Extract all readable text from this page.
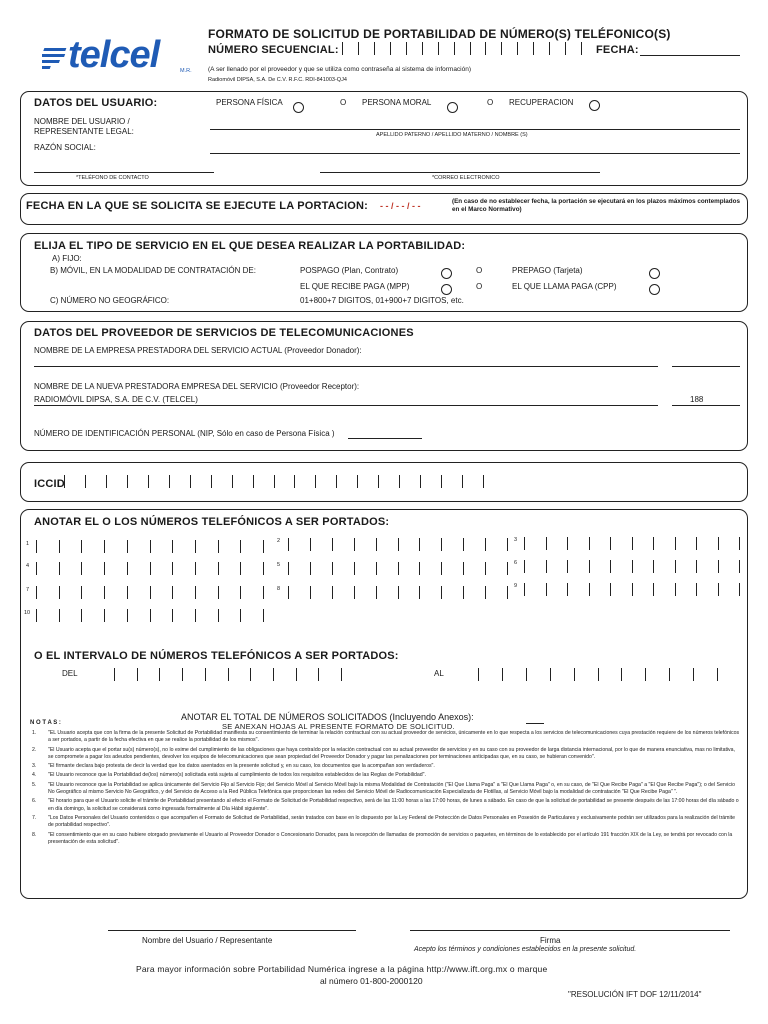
telcel	M.R.
FORMATO DE SOLICITUD DE PORTABILIDAD DE NÚMERO(S) TELÉFONICO(S)
NÚMERO SECUENCIAL:	FECHA:
(A ser llenado por el proveedor y que se utiliza como contraseña al sistema de información)
Radiomóvil DIPSA, S.A. De C.V. R.F.C. RDI-841003-QJ4
DATOS DEL USUARIO:	PERSONA FÍSICA	O PERSONA MORAL	O RECUPERACION
NOMBRE DEL USUARIO / REPRESENTANTE LEGAL:	APELLIDO PATERNO / APELLIDO MATERNO / NOMBRE (S)
RAZÓN SOCIAL:
*TELÉFONO DE CONTACTO	*CORREO ELECTRONICO
FECHA EN LA QUE SE SOLICITA SE EJECUTE LA PORTACION: - - / - - / - -	(En caso de no establecer fecha, la portación se ejecutará en los plazos máximos contemplados en el Marco Normativo)
ELIJA EL TIPO DE SERVICIO EN EL QUE DESEA REALIZAR LA PORTABILIDAD:
A) FIJO:
B) MÓVIL, EN LA MODALIDAD DE CONTRATACIÓN DE:	POSPAGO (Plan, Contrato)	O	PREPAGO (Tarjeta)
EL QUE RECIBE PAGA (MPP)	O	EL QUE LLAMA PAGA (CPP)
C) NÚMERO NO GEOGRÁFICO:	01+800+7 DIGITOS, 01+900+7 DIGITOS, etc.
DATOS DEL PROVEEDOR DE SERVICIOS DE TELECOMUNICACIONES
NOMBRE DE LA EMPRESA PRESTADORA DEL SERVICIO ACTUAL (Proveedor Donador):
NOMBRE DE LA NUEVA PRESTADORA EMPRESA DEL SERVICIO (Proveedor Receptor):
RADIOMÓVIL DIPSA, S.A. DE C.V. (TELCEL)	188
NÚMERO DE IDENTIFICACIÓN PERSONAL (NIP, Sólo en caso de Persona Física )
ICCID
ANOTAR EL O LOS NÚMEROS TELEFÓNICOS A SER PORTADOS:
1	2	3
4	5	6
7	8	9
10
O EL INTERVALO DE NÚMEROS TELEFÓNICOS A SER PORTADOS:
DEL	AL
ANOTAR EL TOTAL DE NÚMEROS SOLICITADOS (Incluyendo Anexos):
SE ANEXAN HOJAS AL PRESENTE FORMATO DE SOLICITUD.
N O T A S :
1. "EL Usuario acepta que con la firma de la presente Solicitud de Portabilidad manifiesta su consentimiento de terminar la relación contractual con su actual proveedor de servicios, únicamente en lo que respecta a los servicios de telecomunicaciones cuya prestación requiere de los números telefónicos a ser portados, a partir de la fecha efectiva en que se realice la portabilidad de los mismos".
2. "El Usuario acepta que el portar su(s) número(s), no lo exime del cumplimiento de las obligaciones que haya contraído por la relación contractual con su actual proveedor de servicios y en su caso con su proveedor de larga distancia internacional, por lo que de manera enunciativa, mas no limitativa, se compromete a pagar los adeudos pendientes, devolver los equipos de telecomunicaciones que sean propiedad del Proveedor Donador y pagar las penalizaciones por terminaciones anticipadas que, en su caso, se hubieran convenido".
3. "El firmante declara bajo protesta de decir la verdad que los datos asentados en la presente solicitud y, en su caso, los documentos que la acompañan son verdaderos".
4. "El Usuario reconoce que la Portabilidad de(los) número(s) solicitada está sujeta al cumplimiento de todos los requisitos establecidos de las Reglas de Portabilidad".
5. "El Usuario reconoce que la Portabilidad se aplica únicamente del Servicio Fijo al Servicio Fijo; del Servicio Móvil al Servicio Móvil bajo la misma Modalidad de Contratación ("El Que Llama Paga" a "El Que Llama Paga" o, en su caso, de "El Que Recibe Paga" a "El Que Recibe Paga"); o del Servicio No Geográfico al mismo Servicio No Geográfico, y del Servicio de Acceso a la Red Pública Telefónica que proporcionan las redes del Servicio Móvil de Radiocomunicación Especializada de Flotillas, al Servicio Móvil bajo la modalidad de contratación "El Que Recibe Paga" ".
6. "El horario para que el Usuario solicite el trámite de Portabilidad presentando al efecto el Formato de Solicitud de Portabilidad respectivo, será de las 11:00 horas a las 17:00 horas, de lunes a sábado. En caso de que la solicitud de portabilidad se presente después de las 17:00 horas del día sábado o en día domingo, la solicitud se considerará como ingresada formalmente al Día Hábil siguiente".
7. "Los Datos Personales del Usuario contenidos o que acompañen el Formato de Solicitud de Portabilidad, serán tratados con base en lo dispuesto por la Ley Federal de Protección de Datos Personales en Posesión de Particulares y exclusivamente podrán ser utilizados para la realización del trámite de portabilidad respectivo".
8. "El consentimiento que en su caso hubiere otorgado previamente el Usuario al Proveedor Donador o Concesionario Donador, para la recepción de llamadas de promoción de servicios o paquetes, en términos de lo establecido por el artículo 191 fracción XIX de la Ley, se tendrá por revocado con la presentación de esta solicitud".
Nombre del Usuario / Representante	Firma
Acepto los términos y condiciones establecidos en la presente solicitud.
Para mayor información sobre Portabilidad Numérica ingrese a la página http://www.ift.org.mx o marque
al número 01-800-2000120
"RESOLUCIÓN IFT DOF 12/11/2014"
